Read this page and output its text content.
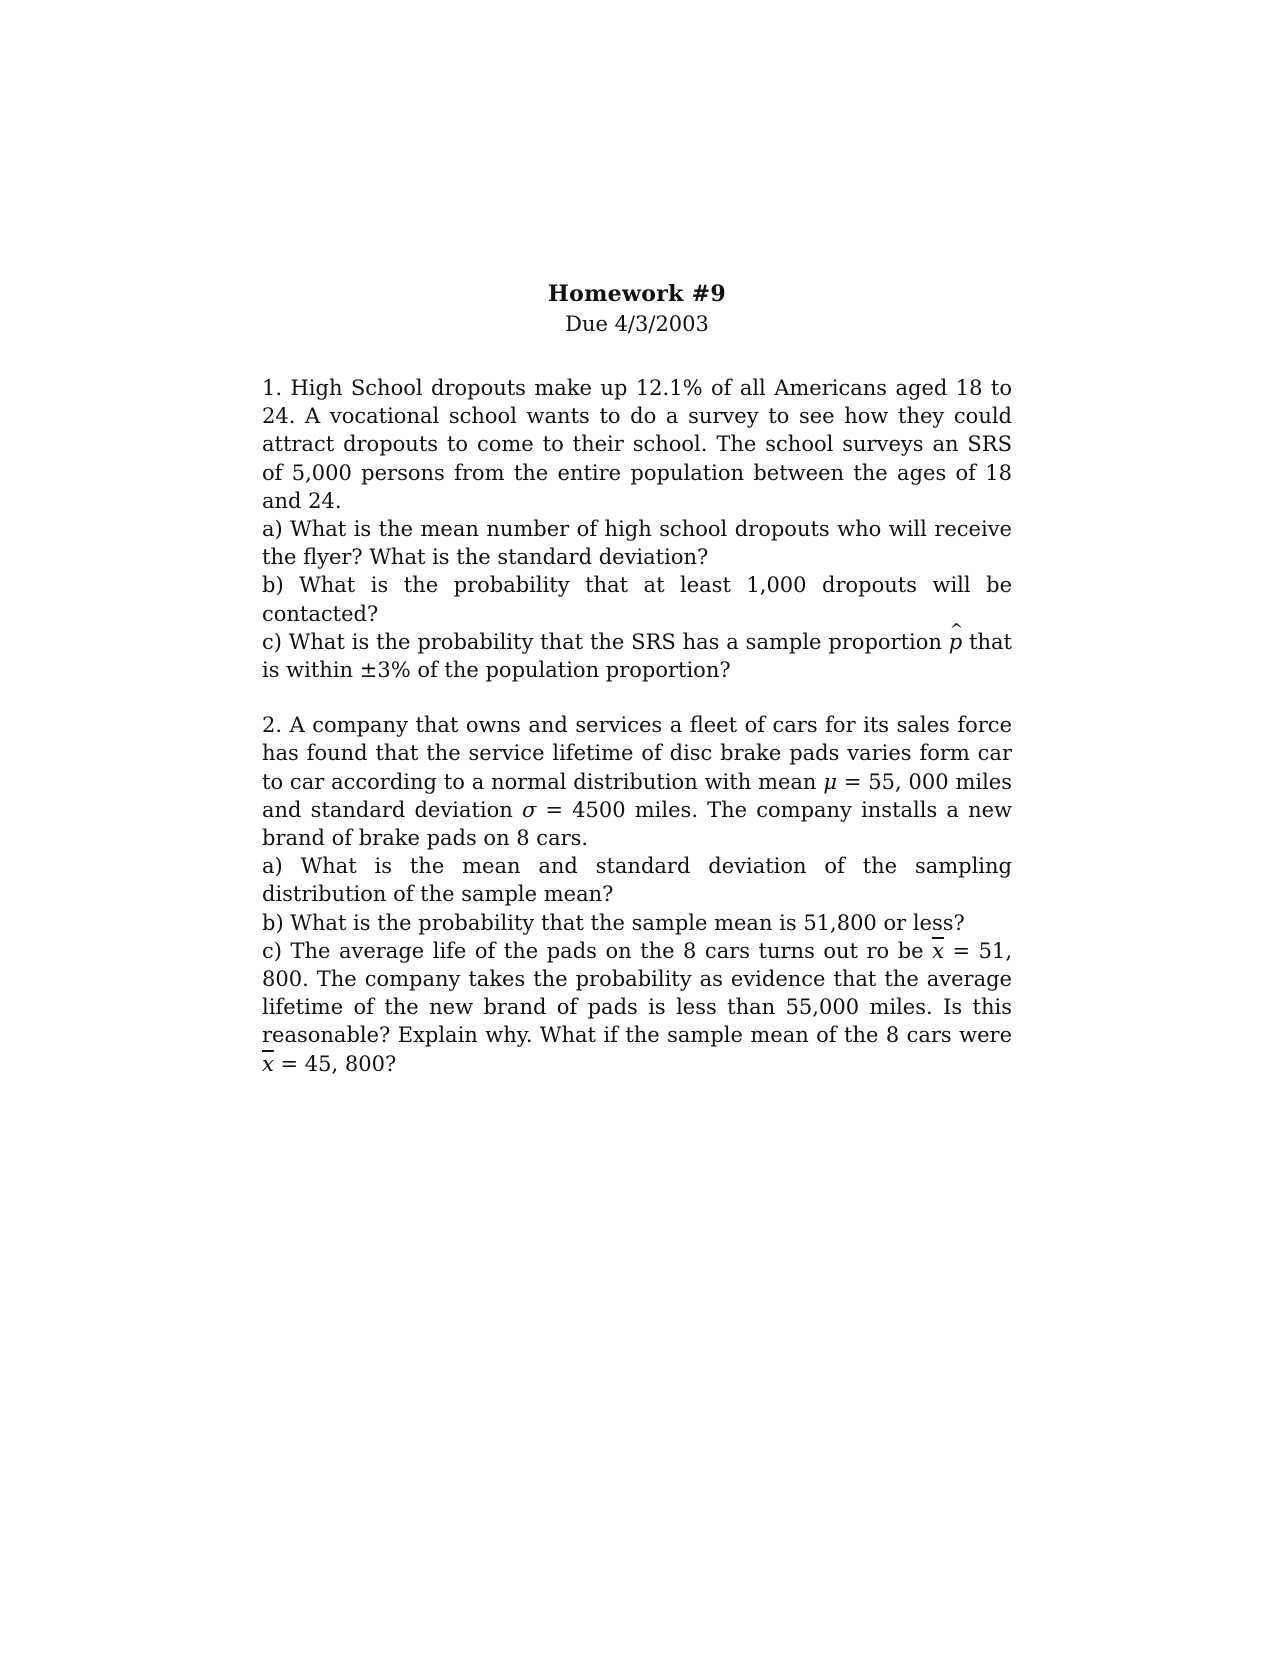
Homework #9
Due 4/3/2003

1. High School dropouts make up 12.1% of all Americans aged 18 to 24. A vocational school wants to do a survey to see how they could attract dropouts to come to their school. The school surveys an SRS of 5,000 persons from the entire population between the ages of 18 and 24.

a) What is the mean number of high school dropouts who will receive the flyer? What is the standard deviation?

b) What is the probability that at least 1,000 dropouts will be contacted?

c) What is the probability that the SRS has a sample proportion ^ p that is within ±3% of the population proportion?

2. A company that owns and services a fleet of cars for its sales force has found that the service lifetime of disc brake pads varies form car to car according to a normal distribution with mean μ = 55, 000 miles and standard deviation σ = 4500 miles. The company installs a new brand of brake pads on 8 cars.

a) What is the mean and standard deviation of the sampling distribution of the sample mean?

b) What is the probability that the sample mean is 51,800 or less?

c) The average life of the pads on the 8 cars turns out ro be $\overline{x} = 51$, 800. The company takes the probability as evidence that the average lifetime of the new brand of pads is less than 55,000 miles. Is this reasonable? Explain why. What if the sample mean of the 8 cars were $\overline{x} = 45$, 800?
